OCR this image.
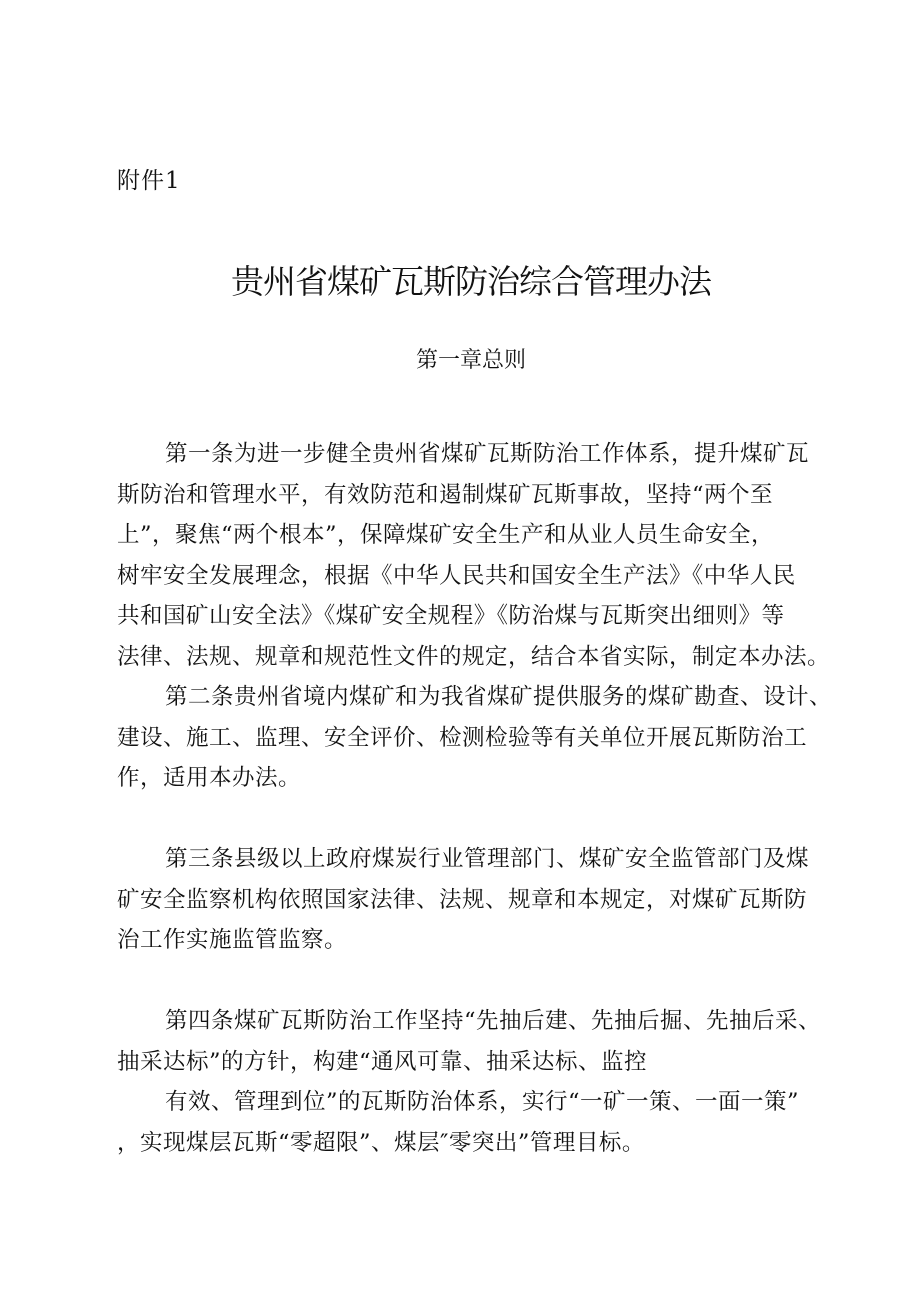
附件1
贵州省煤矿瓦斯防治综合管理办法
第一章总则
第一条为进一步健全贵州省煤矿瓦斯防治工作体系，提升煤矿瓦
斯防治和管理水平，有效防范和遏制煤矿瓦斯事故，坚持“两个至
上”，聚焦“两个根本”，保障煤矿安全生产和从业人员生命安全，
树牢安全发展理念，根据《中华人民共和国安全生产法》《中华人民
共和国矿山安全法》《煤矿安全规程》《防治煤与瓦斯突出细则》等
法律、法规、规章和规范性文件的规定，结合本省实际，制定本办法。
第二条贵州省境内煤矿和为我省煤矿提供服务的煤矿勘查、设计、
建设、施工、监理、安全评价、检测检验等有关单位开展瓦斯防治工
作，适用本办法。
第三条县级以上政府煤炭行业管理部门、煤矿安全监管部门及煤
矿安全监察机构依照国家法律、法规、规章和本规定，对煤矿瓦斯防
治工作实施监管监察。
第四条煤矿瓦斯防治工作坚持“先抽后建、先抽后掘、先抽后采、
抽采达标”的方针，构建“通风可靠、抽采达标、监控
有效、管理到位”的瓦斯防治体系，实行“一矿一策、一面一策”
，实现煤层瓦斯“零超限”、煤层″零突出”管理目标。
